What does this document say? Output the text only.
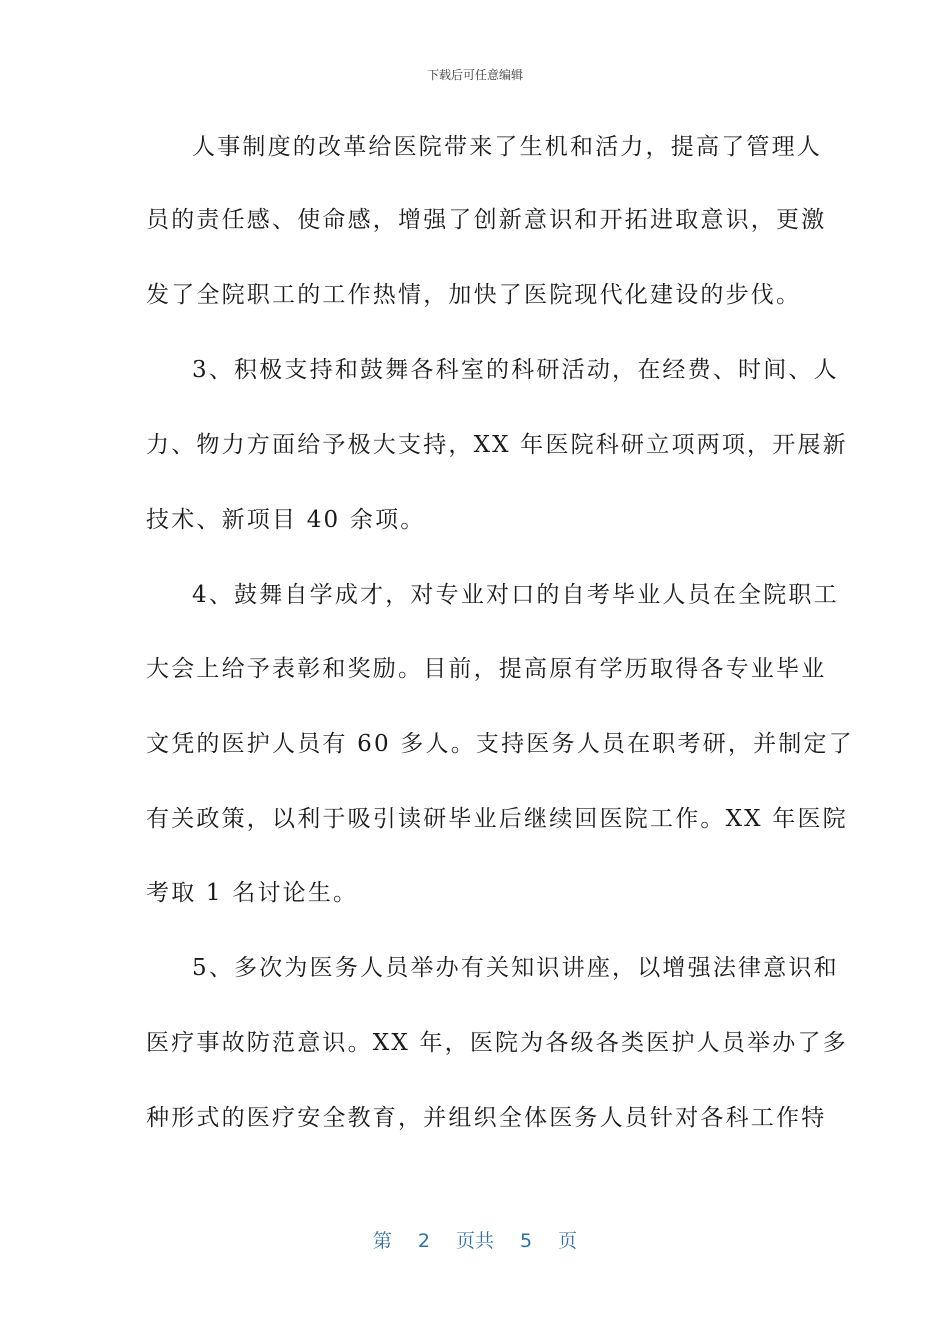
下载后可任意编辑
人事制度的改革给医院带来了生机和活力，提高了管理人
员的责任感、使命感，增强了创新意识和开拓进取意识，更激
发了全院职工的工作热情，加快了医院现代化建设的步伐。
3、积极支持和鼓舞各科室的科研活动，在经费、时间、人
力、物力方面给予极大支持，XX 年医院科研立项两项，开展新
技术、新项目 40 余项。
4、鼓舞自学成才，对专业对口的自考毕业人员在全院职工
大会上给予表彰和奖励。目前，提高原有学历取得各专业毕业
文凭的医护人员有 60 多人。支持医务人员在职考研，并制定了
有关政策，以利于吸引读研毕业后继续回医院工作。XX 年医院
考取 1 名讨论生。
5、多次为医务人员举办有关知识讲座，以增强法律意识和
医疗事故防范意识。XX 年，医院为各级各类医护人员举办了多
种形式的医疗安全教育，并组织全体医务人员针对各科工作特
第 2 页共 5 页
